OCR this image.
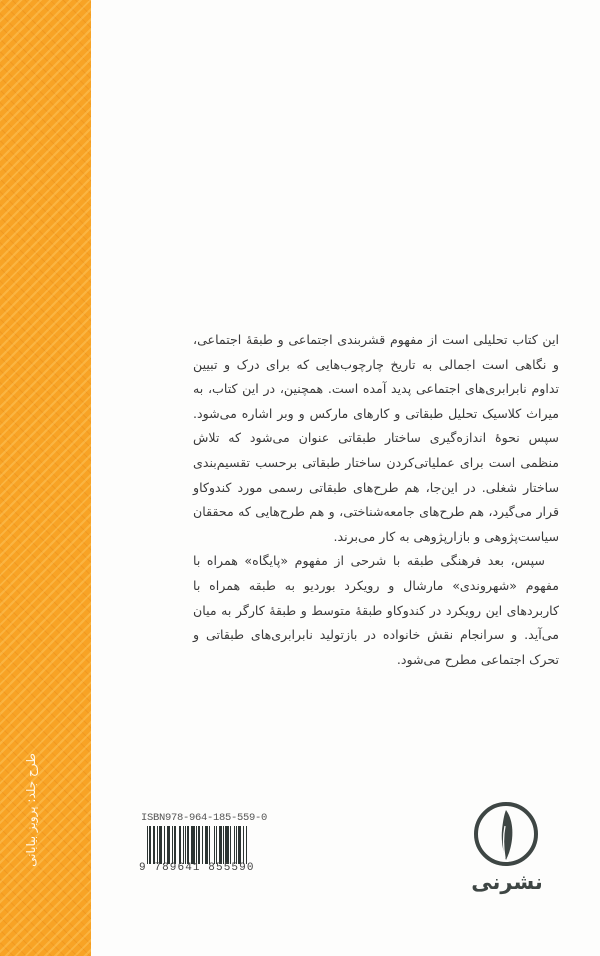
طرح جلد: پرویز بیابانی

این کتاب تحلیلی است از مفهوم قشربندی اجتماعی و طبقهٔ اجتماعی، و نگاهی است اجمالی به تاریخ چارچوب‌هایی که برای درک و تبیین تداوم نابرابری‌های اجتماعی پدید آمده است. همچنین، در این کتاب، به میراث کلاسیک تحلیل طبقاتی و کارهای مارکس و وبر اشاره می‌شود. سپس نحوهٔ اندازه‌گیری ساختار طبقاتی عنوان می‌شود که تلاش منظمی است برای عملیاتی‌کردن ساختار طبقاتی برحسب تقسیم‌بندی ساختار شغلی. در این‌جا، هم طرح‌های طبقاتی رسمی مورد کندوکاو قرار می‌گیرد، هم طرح‌های جامعه‌شناختی، و هم طرح‌هایی که محققان سیاست‌پژوهی و بازارپژوهی به کار می‌برند.

سپس، بعد فرهنگی طبقه با شرحی از مفهوم «پایگاه» همراه با مفهوم «شهروندی» مارشال و رویکرد بوردیو به طبقه همراه با کاربردهای این رویکرد در کندوکاو طبقهٔ متوسط و طبقهٔ کارگر به میان می‌آید. و سرانجام نقش خانواده در بازتولید نابرابری‌های طبقاتی و تحرک اجتماعی مطرح می‌شود.

ISBN978-964-185-559-0
9 789641 855590
نشرنی
